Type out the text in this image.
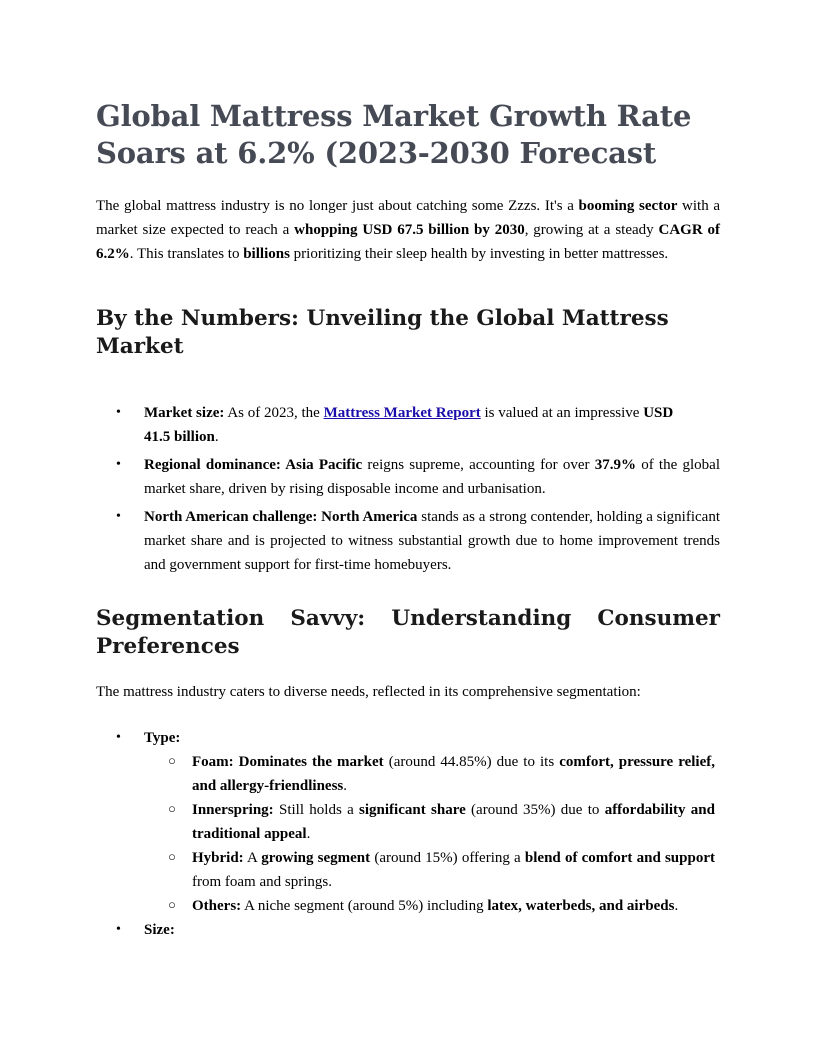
Global Mattress Market Growth Rate Soars at 6.2% (2023-2030 Forecast

The global mattress industry is no longer just about catching some Zzzs. It's a booming sector with a market size expected to reach a whopping USD 67.5 billion by 2030, growing at a steady CAGR of 6.2%. This translates to billions prioritizing their sleep health by investing in better mattresses.

By the Numbers: Unveiling the Global Mattress Market
• Market size: As of 2023, the Mattress Market Report is valued at an impressive USD
41.5 billion.
• Regional dominance: Asia Pacific reigns supreme, accounting for over 37.9% of the global market share, driven by rising disposable income and urbanisation.
• North American challenge: North America stands as a strong contender, holding a significant market share and is projected to witness substantial growth due to home improvement trends and government support for first-time homebuyers.
Segmentation Savvy: Understanding Consumer
Preferences

The mattress industry caters to diverse needs, reflected in its comprehensive segmentation:

• Type:
○ Foam: Dominates the market (around 44.85%) due to its comfort, pressure relief, and allergy-friendliness.
○ Innerspring: Still holds a significant share (around 35%) due to affordability and traditional appeal.
○ Hybrid: A growing segment (around 15%) offering a blend of comfort and support from foam and springs.
○ Others: A niche segment (around 5%) including latex, waterbeds, and airbeds.
• Size:
